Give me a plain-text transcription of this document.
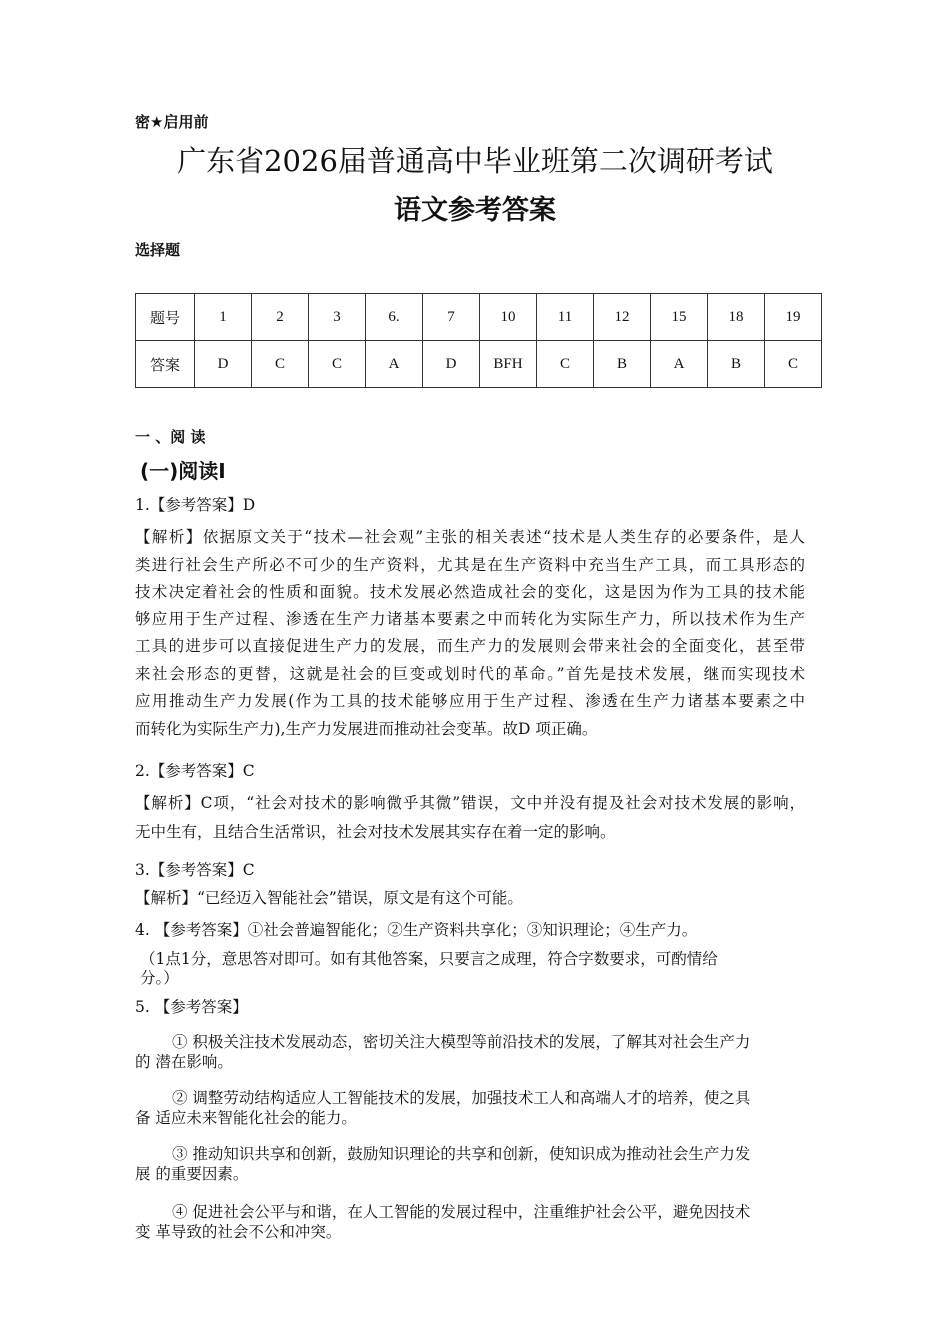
密★启用前
广东省2026届普通高中毕业班第二次调研考试
语文参考答案
选择题
题号	1	2	3	6.	7	10	11	12	15	18	19
答案	D	C	C	A	D	BFH	C	B	A	B	C
一 、阅 读
(一)阅读I
1.【参考答案】D
【解析】依据原文关于“技术—社会观”主张的相关表述“技术是人类生存的必要条件，是人
类进行社会生产所必不可少的生产资料，尤其是在生产资料中充当生产工具，而工具形态的
技术决定着社会的性质和面貌。技术发展必然造成社会的变化，这是因为作为工具的技术能
够应用于生产过程、渗透在生产力诸基本要素之中而转化为实际生产力，所以技术作为生产
工具的进步可以直接促进生产力的发展，而生产力的发展则会带来社会的全面变化，甚至带
来社会形态的更替，这就是社会的巨变或划时代的革命。”首先是技术发展，继而实现技术
应用推动生产力发展(作为工具的技术能够应用于生产过程、渗透在生产力诸基本要素之中
而转化为实际生产力),生产力发展进而推动社会变革。故D 项正确。
2.【参考答案】C
【解析】C项，“社会对技术的影响微乎其微”错误，文中并没有提及社会对技术发展的影响，
无中生有，且结合生活常识，社会对技术发展其实存在着一定的影响。
3.【参考答案】C
【解析】“已经迈入智能社会”错误，原文是有这个可能。
4. 【参考答案】①社会普遍智能化；②生产资料共享化；③知识理论；④生产力。
（1点1分，意思答对即可。如有其他答案，只要言之成理，符合字数要求，可酌情给
分。）
5. 【参考答案】
① 积极关注技术发展动态，密切关注大模型等前沿技术的发展，了解其对社会生产力
的 潜在影响。
② 调整劳动结构适应人工智能技术的发展，加强技术工人和高端人才的培养，使之具
备 适应未来智能化社会的能力。
③ 推动知识共享和创新，鼓励知识理论的共享和创新，使知识成为推动社会生产力发
展 的重要因素。
④ 促进社会公平与和谐，在人工智能的发展过程中，注重维护社会公平，避免因技术
变 革导致的社会不公和冲突。
